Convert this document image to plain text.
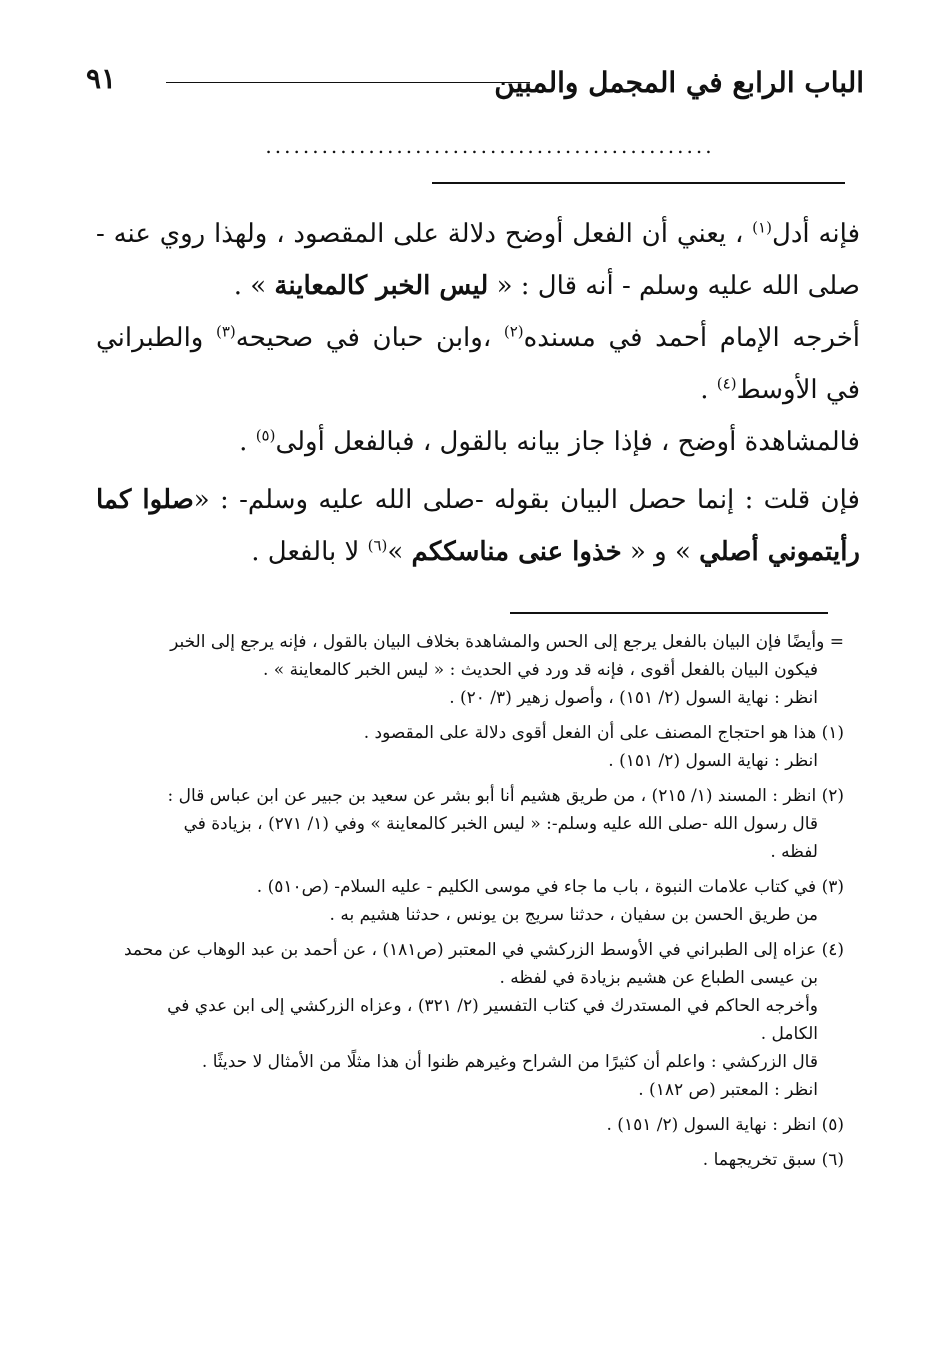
الباب الرابع في المجمل والمبين
٩١
................................................
فإنه أدل$^{(١)}$ ، يعني أن الفعل أوضح دلالة على المقصود ، ولهذا روي عنه - صلى الله عليه وسلم - أنه قال : « ليس الخبر كالمعاينة » .
أخرجه الإمام أحمد في مسنده$^{(٢)}$ ،وابن حبان في صحيحه$^{(٣)}$ والطبراني في الأوسط$^{(٤)}$ .
فالمشاهدة أوضح ، فإذا جاز بيانه بالقول ، فبالفعل أولى$^{(٥)}$ .
فإن قلت : إنما حصل البيان بقوله -صلى الله عليه وسلم- : «صلوا كما رأيتموني أصلي » و « خذوا عنى مناسككم »$^{(٦)}$ لا بالفعل .
= وأيضًا فإن البيان بالفعل يرجع إلى الحس والمشاهدة بخلاف البيان بالقول ، فإنه يرجع إلى الخبر
فيكون البيان بالفعل أقوى ، فإنه قد ورد في الحديث : « ليس الخبر كالمعاينة » .
انظر : نهاية السول (٢/ ١٥١) ، وأصول زهير (٣/ ٢٠) .
(١) هذا هو احتجاج المصنف على أن الفعل أقوى دلالة على المقصود .
انظر : نهاية السول (٢/ ١٥١) .
(٢) انظر : المسند (١/ ٢١٥) ، من طريق هشيم أنا أبو بشر عن سعيد بن جبير عن ابن عباس قال :
قال رسول الله -صلى الله عليه وسلم-: « ليس الخبر كالمعاينة » وفي (١/ ٢٧١) ، بزيادة في
لفظه .
(٣) في كتاب علامات النبوة ، باب ما جاء في موسى الكليم - عليه السلام- (ص٥١٠) .
من طريق الحسن بن سفيان ، حدثنا سريج بن يونس ، حدثنا هشيم به .
(٤) عزاه إلى الطبراني في الأوسط الزركشي في المعتبر (ص١٨١) ، عن أحمد بن عبد الوهاب عن محمد
بن عيسى الطباع عن هشيم بزيادة في لفظه .
وأخرجه الحاكم في المستدرك في كتاب التفسير (٢/ ٣٢١) ، وعزاه الزركشي إلى ابن عدي في
الكامل .
قال الزركشي : واعلم أن كثيرًا من الشراح وغيرهم ظنوا أن هذا مثلًا من الأمثال لا حديثًا .
انظر : المعتبر (ص ١٨٢) .
(٥) انظر : نهاية السول (٢/ ١٥١) .
(٦) سبق تخريجهما .
